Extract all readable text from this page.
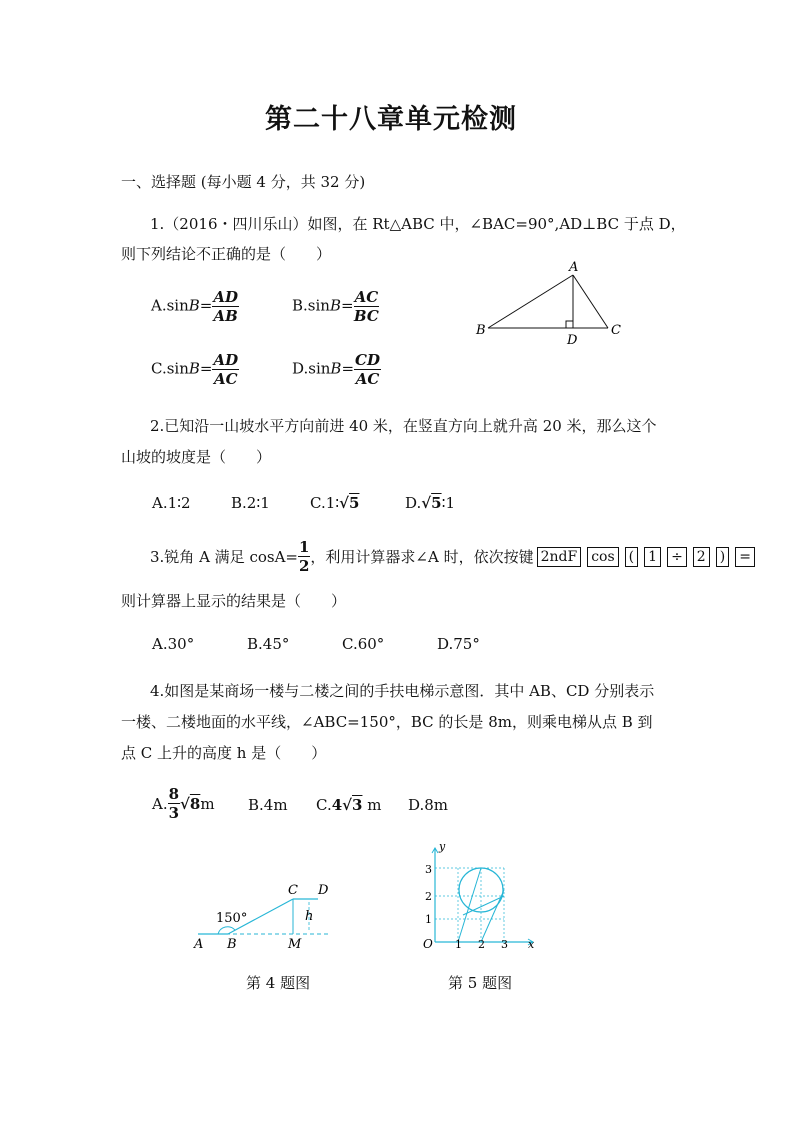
第二十八章单元检测
一、选择题 (每小题 4 分，共 32 分)
1.（2016・四川乐山）如图，在 Rt△ABC 中，∠BAC=90°,AD⊥BC 于点 D，
则下列结论不正确的是（　　）
$A.\sin B= \frac{AD}{AB}$	$B.\sin B= \frac{AC}{BC}$
$C.\sin B= \frac{AD}{AC}$	$D.\sin B= \frac{CD}{AC}$
A
B	C
D
2.已知沿一山坡水平方向前进 40 米，在竖直方向上就升高 20 米，那么这个
山坡的坡度是（　　）
A.1∶2	B.2∶1	C.1∶√5	D.√5∶1
3.锐角 A 满足 $\cos A= \frac{1}{2}$ ，利用计算器求∠A 时，依次按键 2ndF cos ( 1 ÷ 2 ) =
则计算器上显示的结果是（　　）
A.30°	B.45°	C.60°	D.75°
4.如图是某商场一楼与二楼之间的手扶电梯示意图．其中 AB、CD 分别表示
一楼、二楼地面的水平线，∠ABC=150°，BC 的长是 8m，则乘电梯从点 B 到
点 C 上升的高度 h 是（　　）
A. $\frac{8}{3} √8$ m B.4m C.4√3 m D.8m
150°
A B
C D
M
h
第 4 题图
y
x
O 1 2 3
1
2
3
第 5 题图
